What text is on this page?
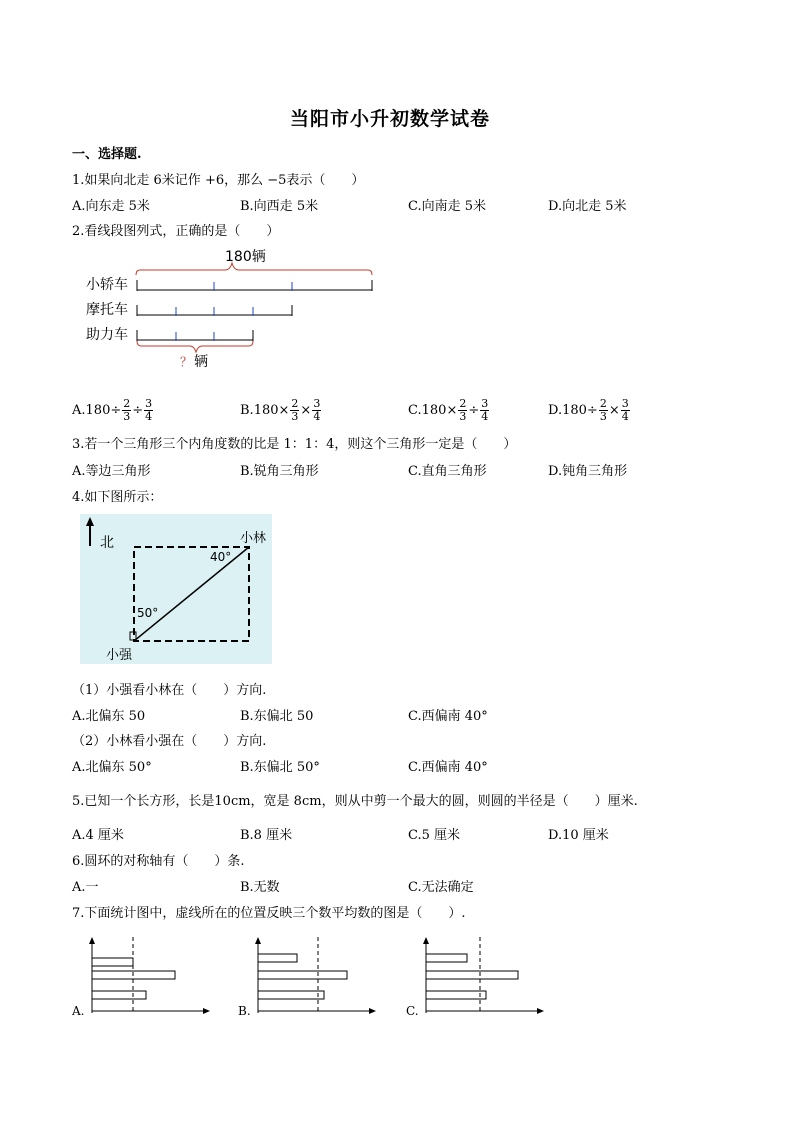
当阳市小升初数学试卷
一、选择题.
1.如果向北走 6米记作 +6，那么 −5表示（　　）
A.向东走 5米	B.向西走 5米	C.向南走 5米	D.向北走 5米
2.看线段图列式，正确的是（　　）
180辆
小轿车
摩托车
助力车
？ 辆
$A.180\div \frac{2}{3} \div \frac{3}{4}$	$B.180\times \frac{2}{3} \times \frac{3}{4}$	$C.180\times \frac{2}{3} \div \frac{3}{4}$	$D.180\div \frac{2}{3} \times \frac{3}{4}$
3.若一个三角形三个内角度数的比是 1：1：4，则这个三角形一定是（　　）
A.等边三角形	B.锐角三角形	C.直角三角形	D.钝角三角形
4.如下图所示：
北	小林
小强
40°
50°
（1）小强看小林在（　　）方向.
A.北偏东 50	B.东偏北 50	C.西偏南 40°
（2）小林看小强在（　　）方向.
A.北偏东 50°	B.东偏北 50°	C.西偏南 40°
5.已知一个长方形，长是10cm，宽是 8cm，则从中剪一个最大的圆，则圆的半径是（　　）厘米.
A.4 厘米	B.8 厘米	C.5 厘米	D.10 厘米
6.圆环的对称轴有（　　）条.
A.一	B.无数	C.无法确定
7.下面统计图中，虚线所在的位置反映三个数平均数的图是（　　）.
A.	B.	C.
